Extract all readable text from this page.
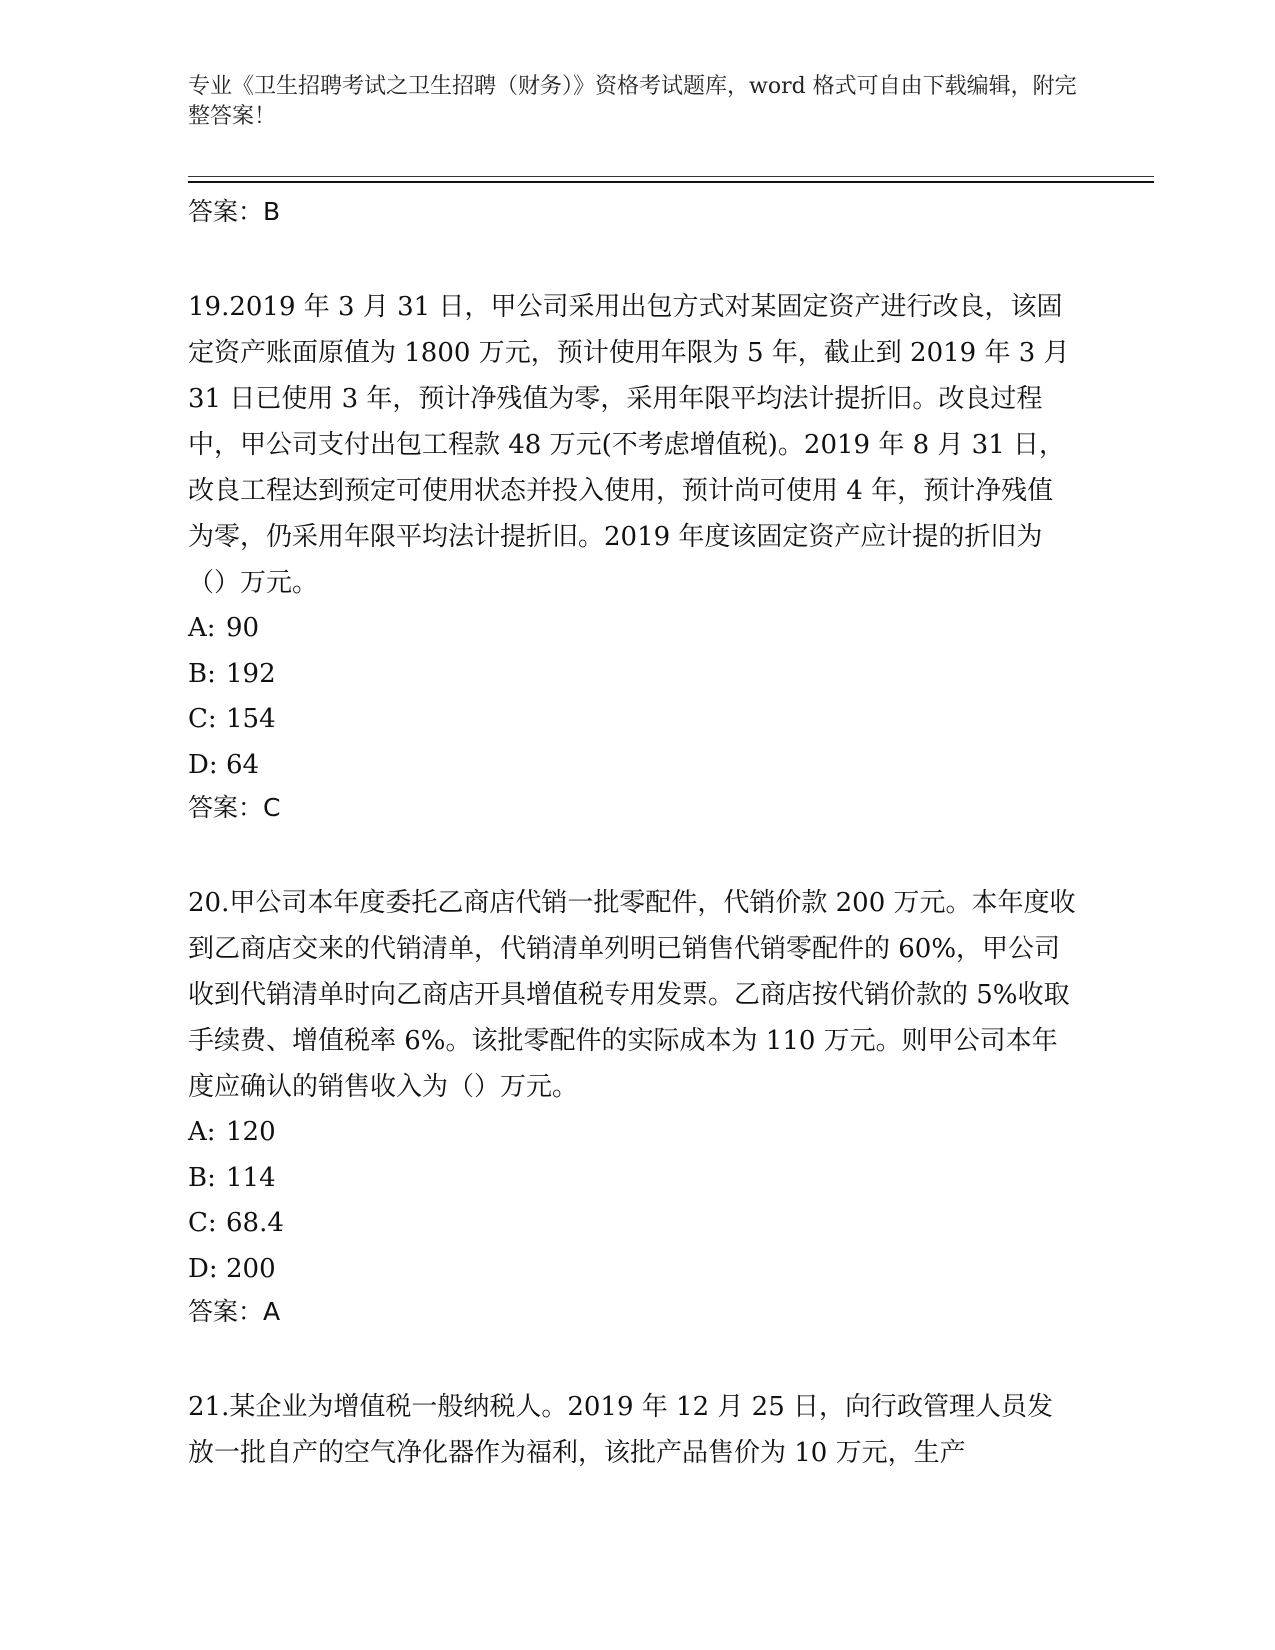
专业《卫生招聘考试之卫生招聘（财务）》资格考试题库，word 格式可自由下载编辑，附完整答案！

答案：B

19.2019 年 3 月 31 日，甲公司采用出包方式对某固定资产进行改良，该固定资产账面原值为 1800 万元，预计使用年限为 5 年，截止到 2019 年 3 月 31 日已使用 3 年，预计净残值为零，采用年限平均法计提折旧。改良过程中，甲公司支付出包工程款 48 万元(不考虑增值税)。2019 年 8 月 31 日，改良工程达到预定可使用状态并投入使用，预计尚可使用 4 年，预计净残值为零，仍采用年限平均法计提折旧。2019 年度该固定资产应计提的折旧为（）万元。

A: 90

B: 192

C: 154

D: 64

答案：C

20.甲公司本年度委托乙商店代销一批零配件，代销价款 200 万元。本年度收到乙商店交来的代销清单，代销清单列明已销售代销零配件的 60%，甲公司收到代销清单时向乙商店开具增值税专用发票。乙商店按代销价款的 5%收取手续费、增值税率 6%。该批零配件的实际成本为 110 万元。则甲公司本年度应确认的销售收入为（）万元。

A: 120

B: 114

C: 68.4

D: 200

答案：A

21.某企业为增值税一般纳税人。2019 年 12 月 25 日，向行政管理人员发放一批自产的空气净化器作为福利，该批产品售价为 10 万元，生产
